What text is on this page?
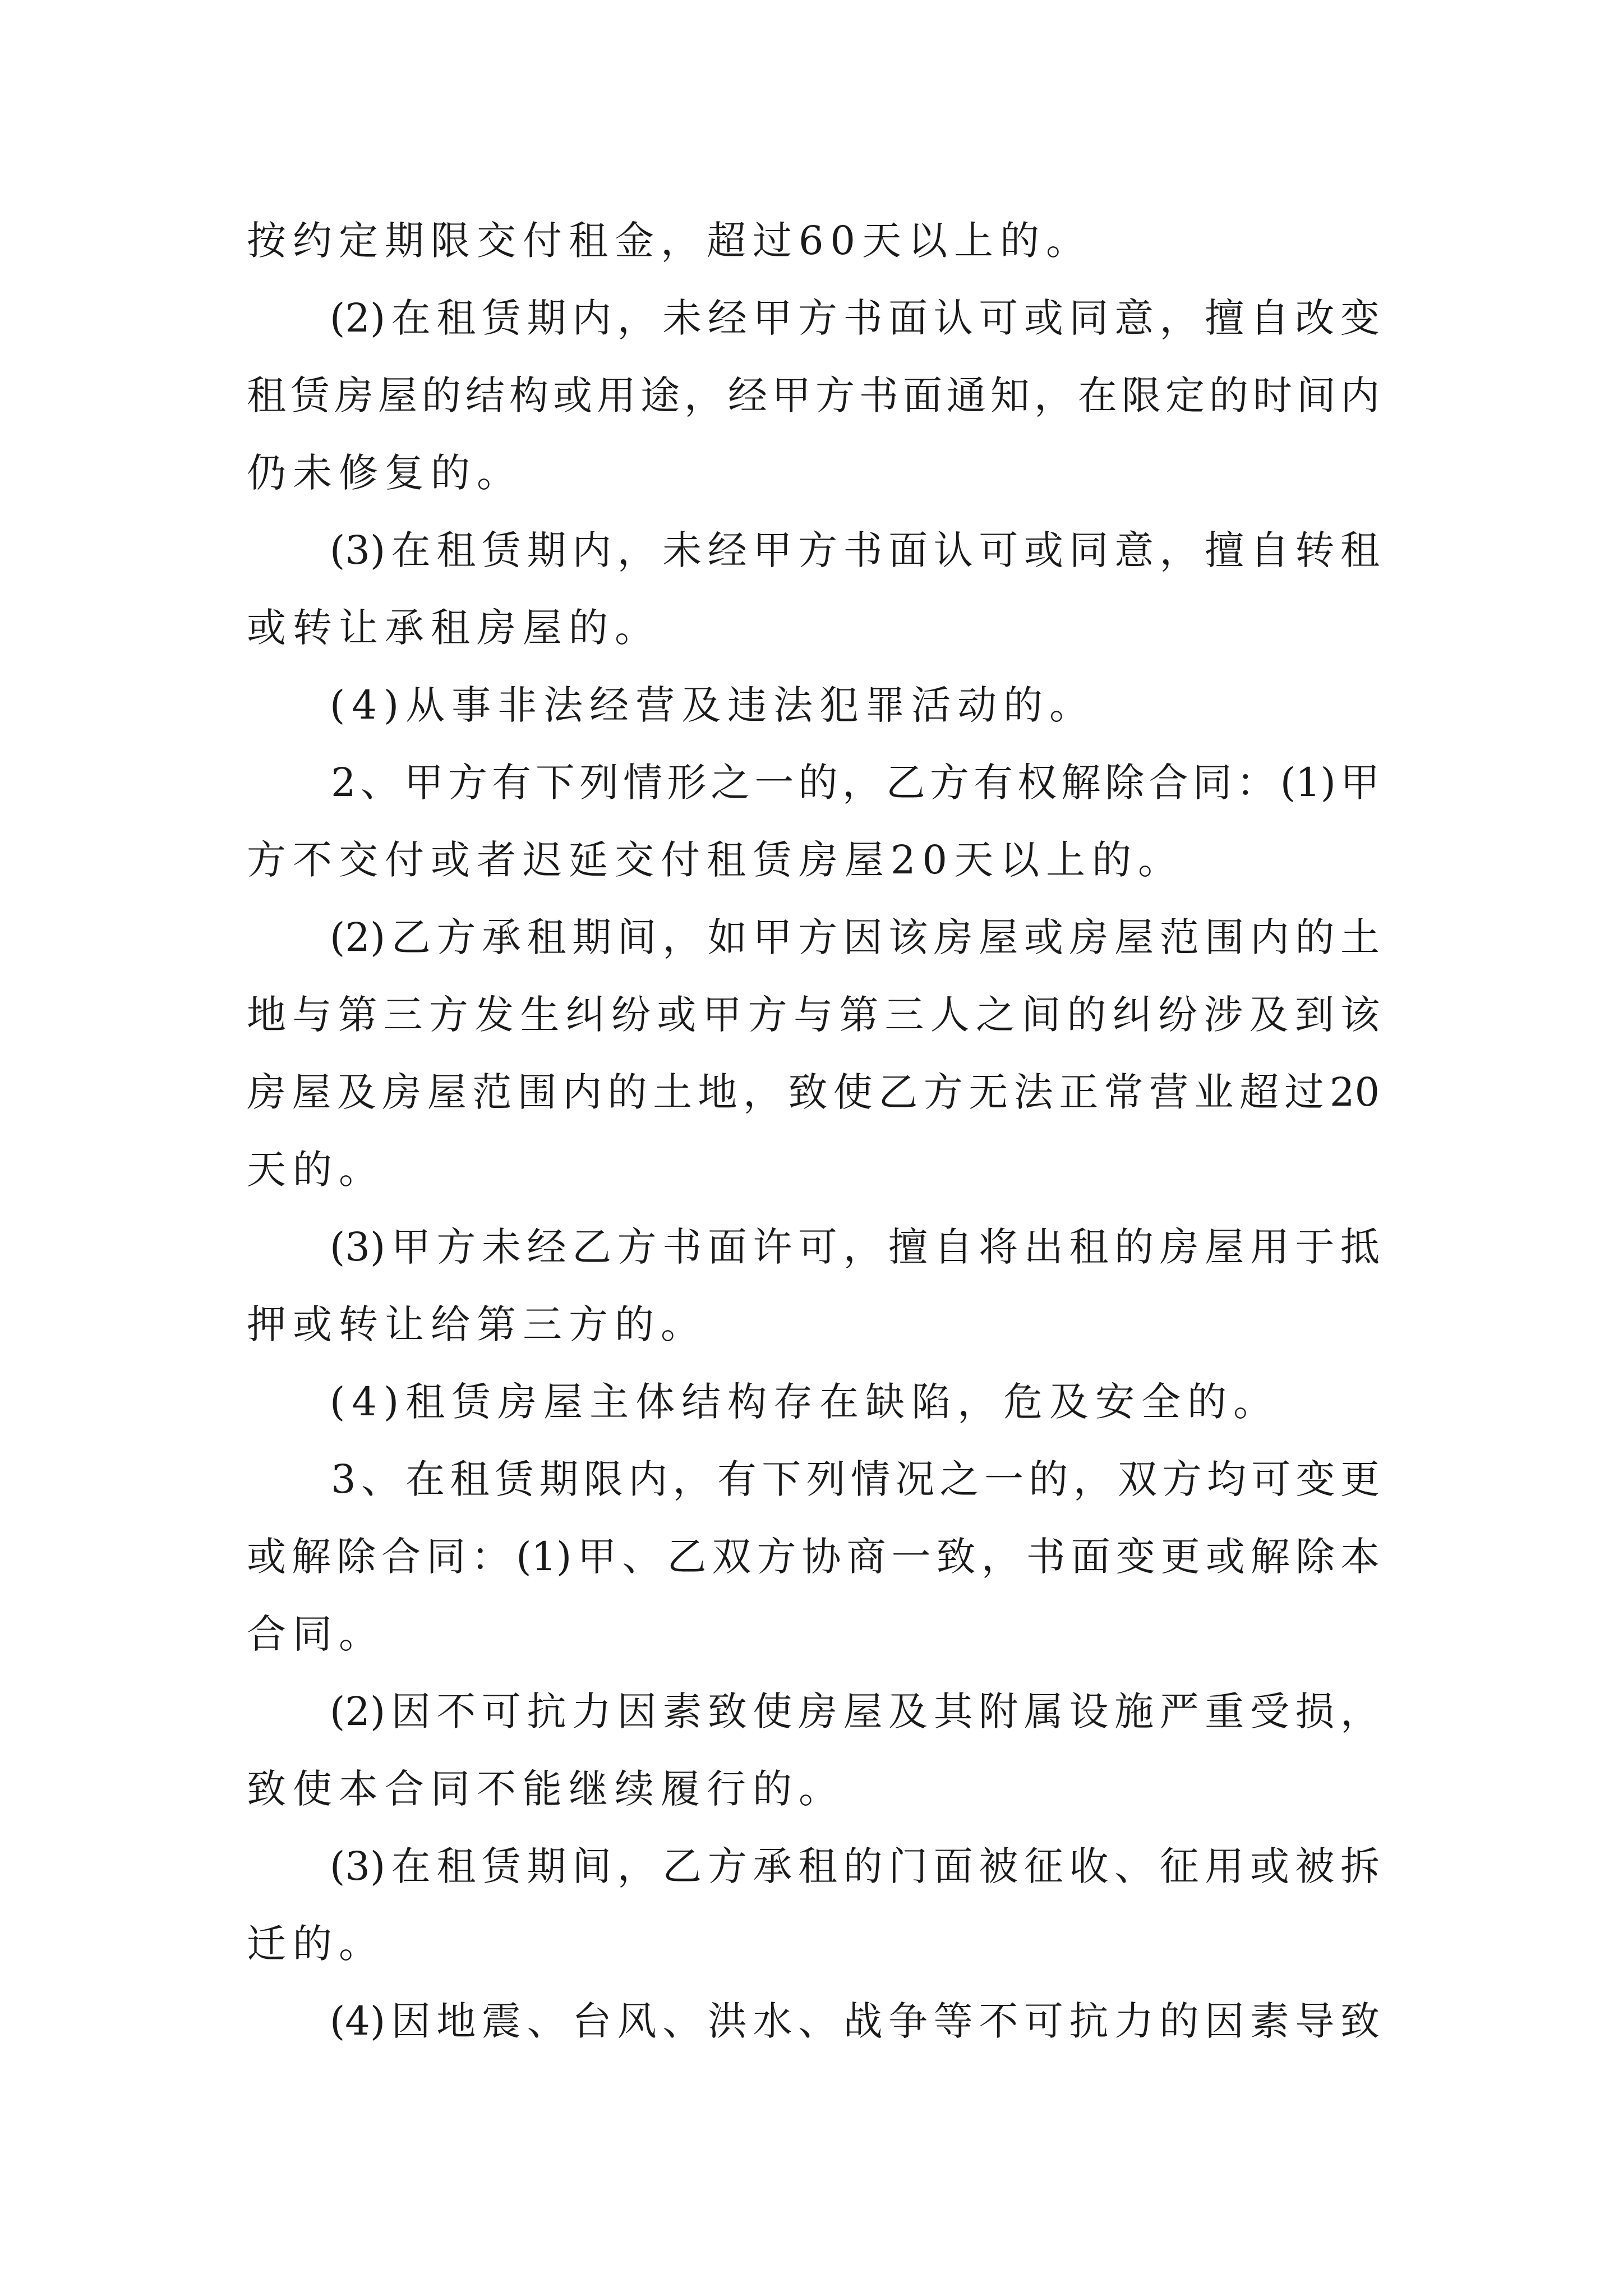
按约定期限交付租金，超过60天以上的。
(2)在租赁期内，未经甲方书面认可或同意，擅自改变
租赁房屋的结构或用途，经甲方书面通知，在限定的时间内
仍未修复的。
(3)在租赁期内，未经甲方书面认可或同意，擅自转租
或转让承租房屋的。
(4)从事非法经营及违法犯罪活动的。
2、甲方有下列情形之一的，乙方有权解除合同：(1)甲
方不交付或者迟延交付租赁房屋20天以上的。
(2)乙方承租期间，如甲方因该房屋或房屋范围内的土
地与第三方发生纠纷或甲方与第三人之间的纠纷涉及到该
房屋及房屋范围内的土地，致使乙方无法正常营业超过20
天的。
(3)甲方未经乙方书面许可，擅自将出租的房屋用于抵
押或转让给第三方的。
(4)租赁房屋主体结构存在缺陷，危及安全的。
3、在租赁期限内，有下列情况之一的，双方均可变更
或解除合同：(1)甲、乙双方协商一致，书面变更或解除本
合同。
(2)因不可抗力因素致使房屋及其附属设施严重受损，
致使本合同不能继续履行的。
(3)在租赁期间，乙方承租的门面被征收、征用或被拆
迁的。
(4)因地震、台风、洪水、战争等不可抗力的因素导致
